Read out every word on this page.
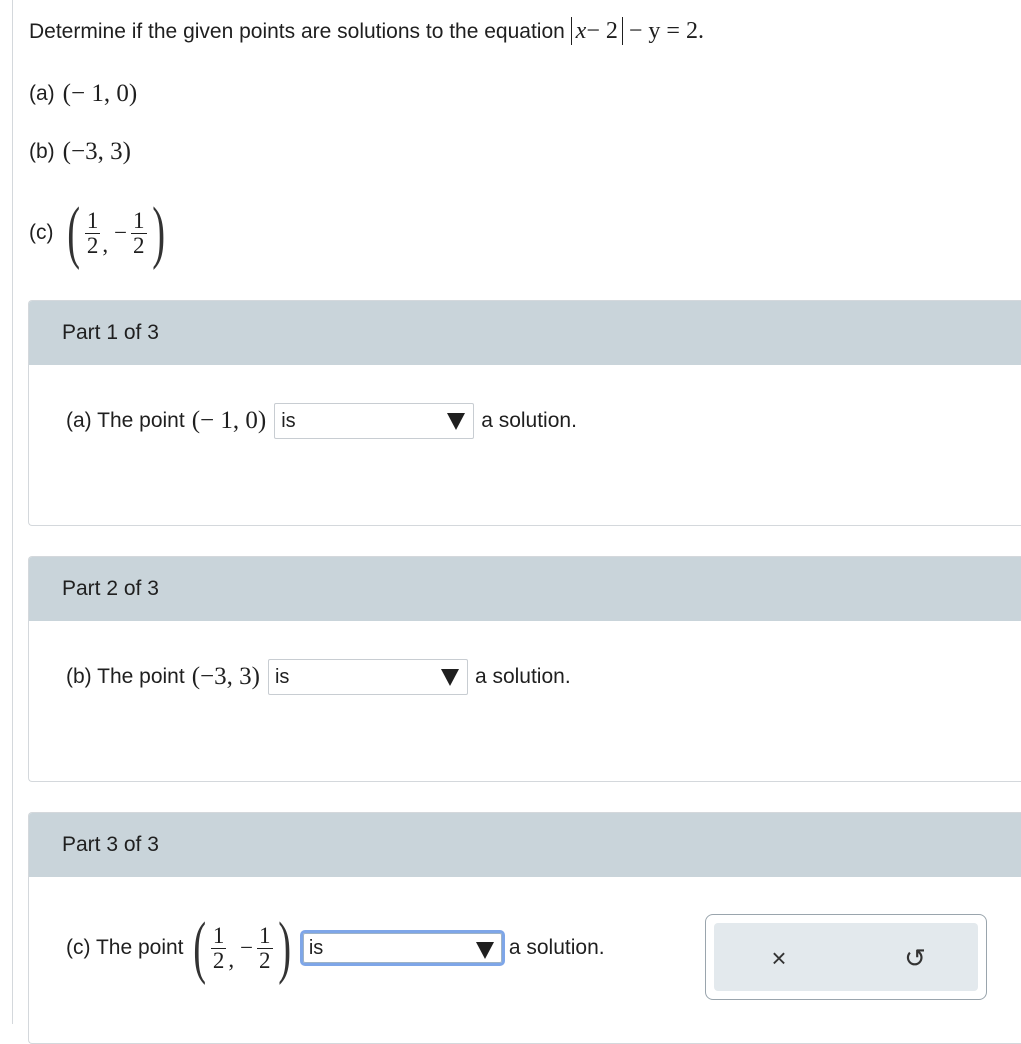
Determine if the given points are solutions to the equation x− 2 − y = 2.
(a) (− 1, 0)
(b) (−3, 3)
(c) ( $\frac{1}{2}$ , − $\frac{1}{2}$ )
Part 1 of 3
(a) The point (− 1, 0) is	a solution.
Part 2 of 3
(b) The point (−3, 3) is	a solution.
Part 3 of 3
(c) The point ( $\frac{1}{2}$ , − $\frac{1}{2}$ ) is	a solution.	×	↺
